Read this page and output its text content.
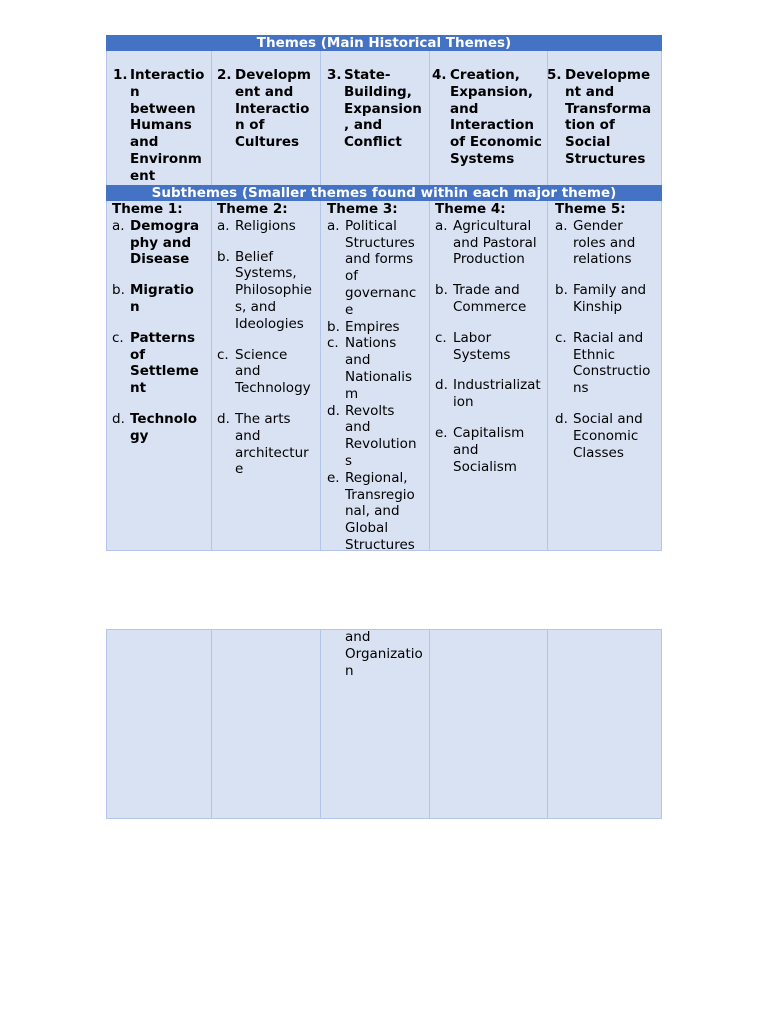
Themes (Main Historical Themes)
1. Interactio
n
between
Humans
and
Environm
ent
2. Developm
ent and
Interactio
n of
Cultures
3. State-
Building,
Expansion
, and
Conflict
4. Creation,
Expansion,
and
Interaction
of Economic
Systems
5. Developme
nt and
Transforma
tion of
Social
Structures
Subthemes (Smaller themes found within each major theme)
Theme 1:
a. Demogra
phy and
Disease
b. Migratio
n
c. Patterns
of
Settleme
nt
d. Technolo
gy
Theme 2:
a. Religions
b. Belief
Systems,
Philosophie
s, and
Ideologies
c. Science
and
Technology
d. The arts
and
architectur
e
Theme 3:
a. Political
Structures
and forms
of
governanc
e
b. Empires
c. Nations
and
Nationalis
m
d. Revolts
and
Revolution
s
e. Regional,
Transregio
nal, and
Global
Structures
Theme 4:
a. Agricultural
and Pastoral
Production
b. Trade and
Commerce
c. Labor
Systems
d. Industrializat
ion
e. Capitalism
and
Socialism
Theme 5:
a. Gender
roles and
relations
b. Family and
Kinship
c. Racial and
Ethnic
Constructio
ns
d. Social and
Economic
Classes
and
Organizatio
n
